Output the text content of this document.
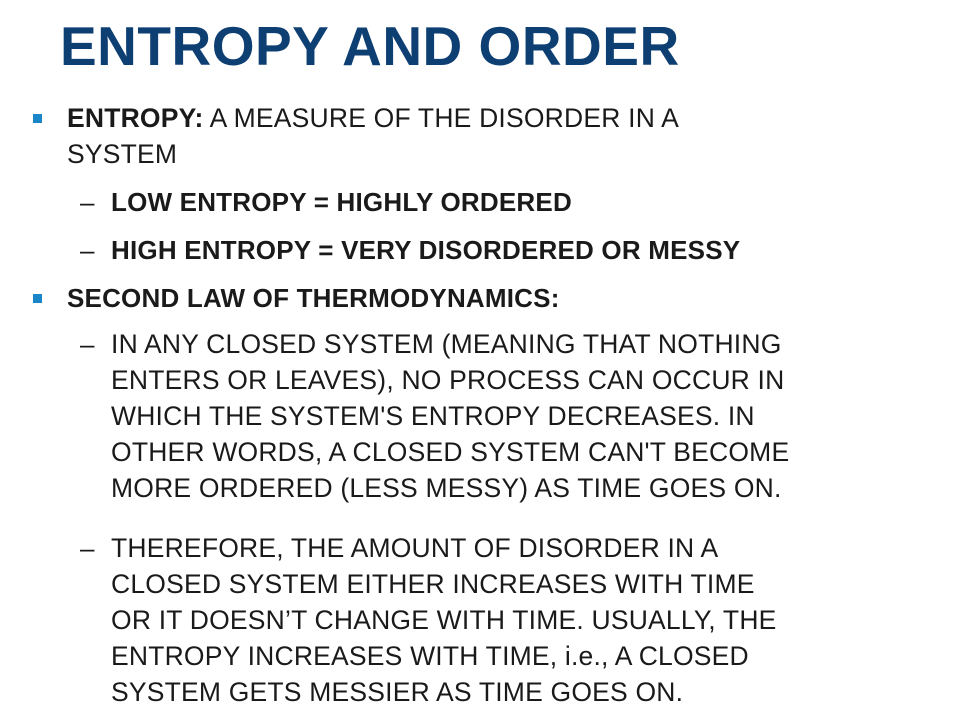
ENTROPY AND ORDER
ENTROPY: A MEASURE OF THE DISORDER IN A
SYSTEM
– LOW ENTROPY = HIGHLY ORDERED
– HIGH ENTROPY = VERY DISORDERED OR MESSY
SECOND LAW OF THERMODYNAMICS:
– IN ANY CLOSED SYSTEM (MEANING THAT NOTHING
ENTERS OR LEAVES), NO PROCESS CAN OCCUR IN
WHICH THE SYSTEM'S ENTROPY DECREASES. IN
OTHER WORDS, A CLOSED SYSTEM CAN'T BECOME
MORE ORDERED (LESS MESSY) AS TIME GOES ON.
– THEREFORE, THE AMOUNT OF DISORDER IN A
CLOSED SYSTEM EITHER INCREASES WITH TIME
OR IT DOESN’T CHANGE WITH TIME. USUALLY, THE
ENTROPY INCREASES WITH TIME, i.e., A CLOSED
SYSTEM GETS MESSIER AS TIME GOES ON.
